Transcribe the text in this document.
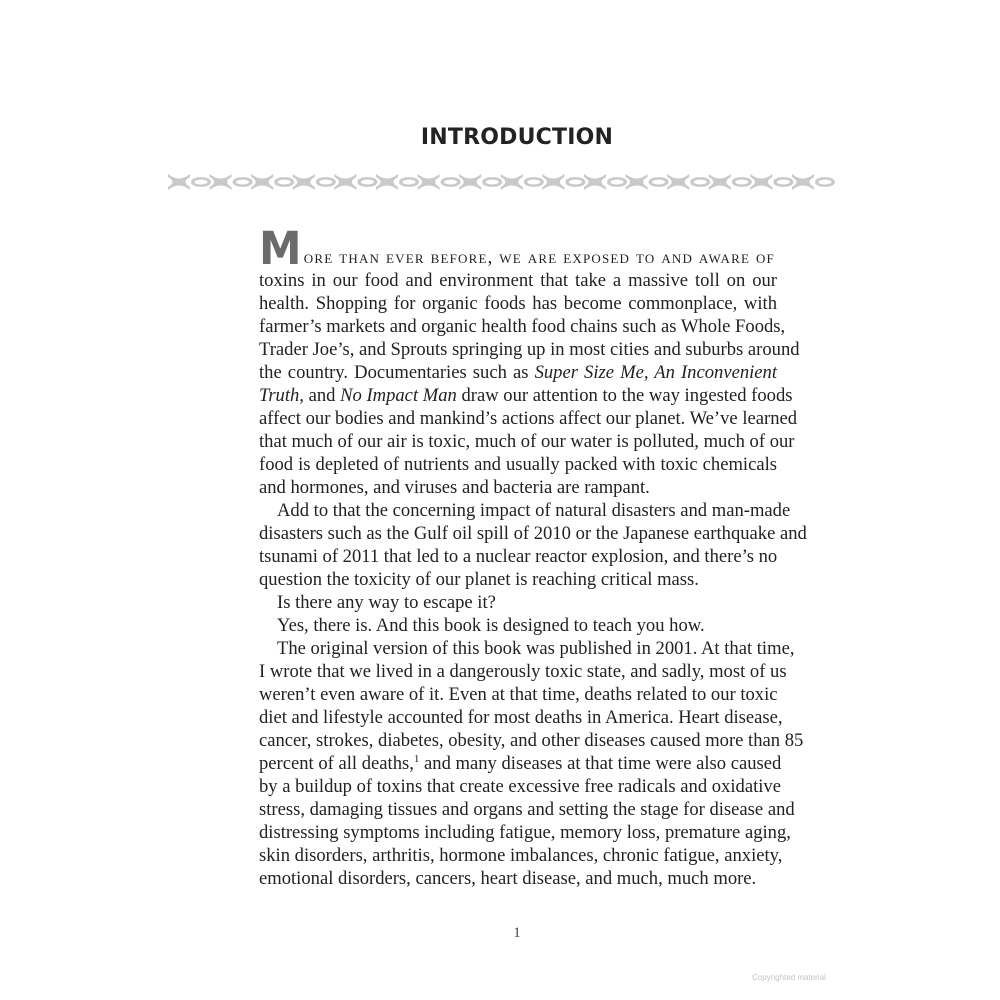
INTRODUCTION
M ore than ever before, we are exposed to and aware of
toxins in our food and environment that take a massive toll on our
health. Shopping for organic foods has become commonplace, with
farmer’s markets and organic health food chains such as Whole Foods,
Trader Joe’s, and Sprouts springing up in most cities and suburbs around
the country. Documentaries such as Super Size Me, An Inconvenient
Truth, and No Impact Man draw our attention to the way ingested foods
affect our bodies and mankind’s actions affect our planet. We’ve learned
that much of our air is toxic, much of our water is polluted, much of our
food is depleted of nutrients and usually packed with toxic chemicals
and hormones, and viruses and bacteria are rampant.
Add to that the concerning impact of natural disasters and man-made
disasters such as the Gulf oil spill of 2010 or the Japanese earthquake and
tsunami of 2011 that led to a nuclear reactor explosion, and there’s no
question the toxicity of our planet is reaching critical mass.
Is there any way to escape it?
Yes, there is. And this book is designed to teach you how.
The original version of this book was published in 2001. At that time,
I wrote that we lived in a dangerously toxic state, and sadly, most of us
weren’t even aware of it. Even at that time, deaths related to our toxic
diet and lifestyle accounted for most deaths in America. Heart disease,
cancer, strokes, diabetes, obesity, and other diseases caused more than 85
percent of all deaths,$^1$ and many diseases at that time were also caused
by a buildup of toxins that create excessive free radicals and oxidative
stress, damaging tissues and organs and setting the stage for disease and
distressing symptoms including fatigue, memory loss, premature aging,
skin disorders, arthritis, hormone imbalances, chronic fatigue, anxiety,
emotional disorders, cancers, heart disease, and much, much more.
1
Copyrighted material
